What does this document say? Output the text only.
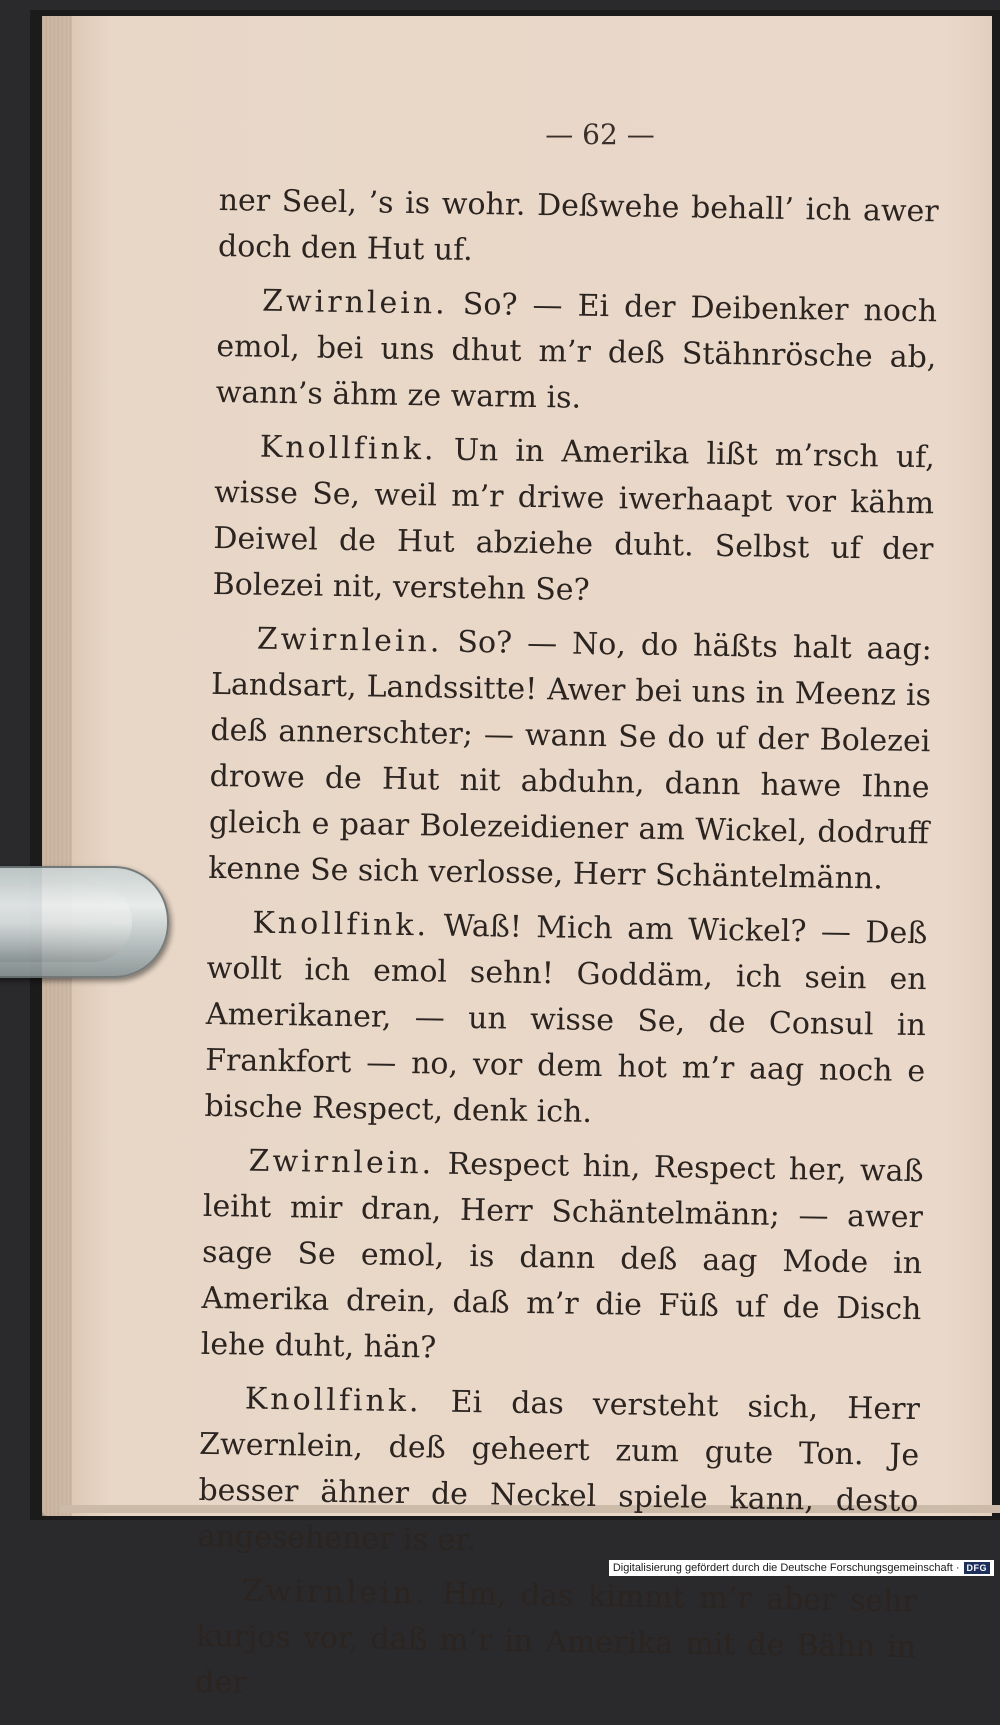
— 62 —

ner Seel, ’s is wohr. Deßwehe behall’ ich awer doch den Hut uf.

Zwirnlein. So? — Ei der Deibenker noch emol, bei uns dhut m’r deß Stähnrösche ab, wann’s ähm ze warm is.

Knollfink. Un in Amerika lißt m’rsch uf, wisse Se, weil m’r driwe iwerhaapt vor kähm Deiwel de Hut abziehe duht. Selbst uf der Bolezei nit, verstehn Se?

Zwirnlein. So? — No, do häßts halt aag: Landsart, Landssitte! Awer bei uns in Meenz is deß annerschter; — wann Se do uf der Bolezei drowe de Hut nit abduhn, dann hawe Ihne gleich e paar Bolezeidiener am Wickel, dodruff kenne Se sich verlosse, Herr Schäntelmänn.

Knollfink. Waß! Mich am Wickel? — Deß wollt ich emol sehn! Goddäm, ich sein en Amerikaner, — un wisse Se, de Consul in Frankfort — no, vor dem hot m’r aag noch e bische Respect, denk ich.

Zwirnlein. Respect hin, Respect her, waß leiht mir dran, Herr Schäntelmänn; — awer sage Se emol, is dann deß aag Mode in Amerika drein, daß m’r die Füß uf de Disch lehe duht, hän?

Knollfink. Ei das versteht sich, Herr Zwernlein, deß geheert zum gute Ton. Je besser ähner de Neckel spiele kann, desto angesehener is er.

Zwirnlein. Hm, das kimmt m’r aber sehr kurjos vor, daß m’r in Amerika mit de Bähn in der

Digitalisierung gefördert durch die Deutsche Forschungsgemeinschaft · DFG
